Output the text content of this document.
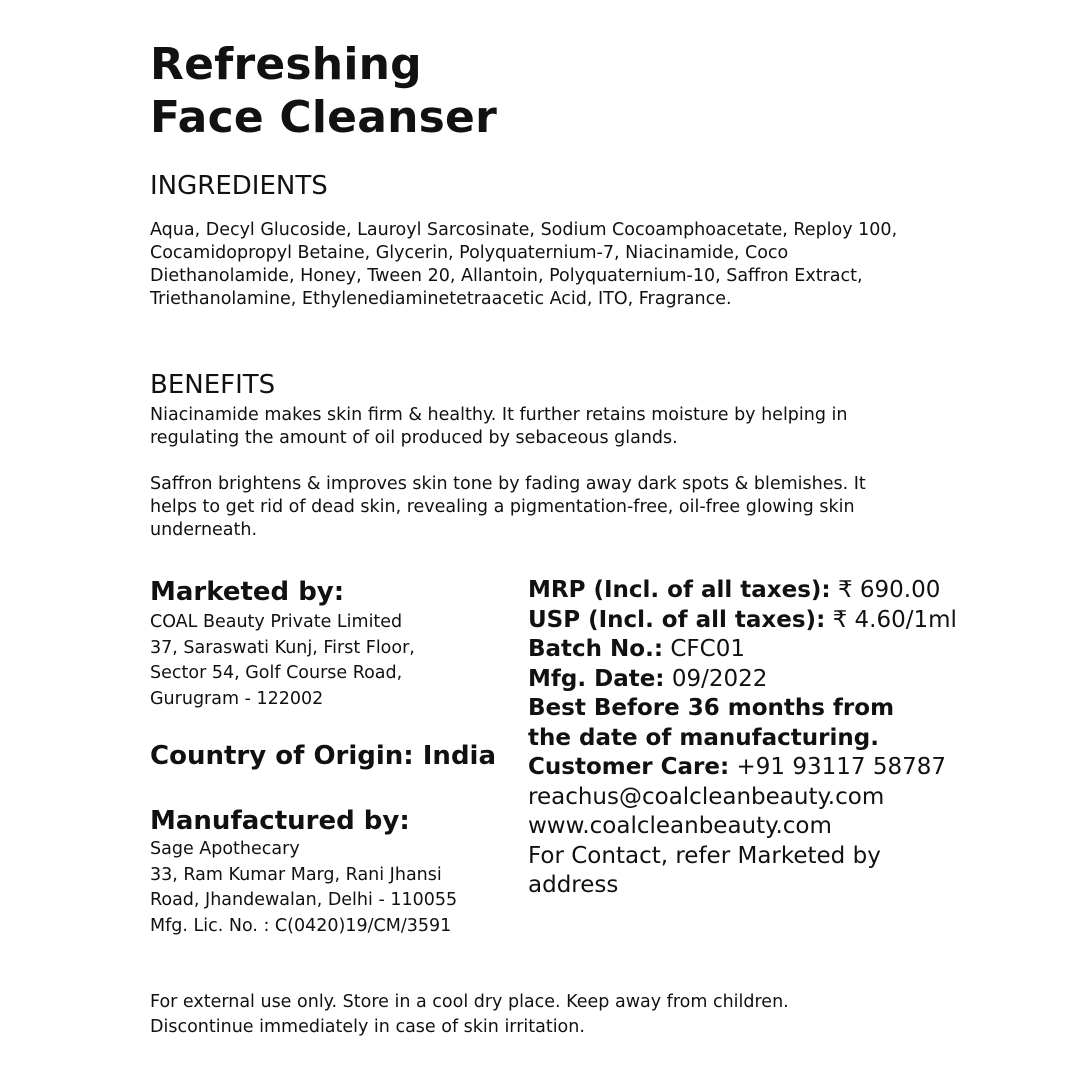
Refreshing
Face Cleanser
INGREDIENTS

Aqua, Decyl Glucoside, Lauroyl Sarcosinate, Sodium Cocoamphoacetate, Reploy 100, Cocamidopropyl Betaine, Glycerin, Polyquaternium-7, Niacinamide, Coco Diethanolamide, Honey, Tween 20, Allantoin, Polyquaternium-10, Saffron Extract, Triethanolamine, Ethylenediaminetetraacetic Acid, ITO, Fragrance.

BENEFITS

Niacinamide makes skin firm & healthy. It further retains moisture by helping in regulating the amount of oil produced by sebaceous glands.

Saffron brightens & improves skin tone by fading away dark spots & blemishes. It helps to get rid of dead skin, revealing a pigmentation-free, oil-free glowing skin underneath.

Marketed by:

COAL Beauty Private Limited

37, Saraswati Kunj, First Floor,

Sector 54, Golf Course Road,

Gurugram - 122002

Country of Origin: India
Manufactured by:

Sage Apothecary

33, Ram Kumar Marg, Rani Jhansi

Road, Jhandewalan, Delhi - 110055

Mfg. Lic. No. : C(0420)19/CM/3591

MRP (Incl. of all taxes): ₹ 690.00

USP (Incl. of all taxes): ₹ 4.60/1ml

Batch No.: CFC01

Mfg. Date: 09/2022

Best Before 36 months from

the date of manufacturing.

Customer Care: +91 93117 58787

reachus@coalcleanbeauty.com

www.coalcleanbeauty.com

For Contact, refer Marketed by

address

For external use only. Store in a cool dry place. Keep away from children.

Discontinue immediately in case of skin irritation.
